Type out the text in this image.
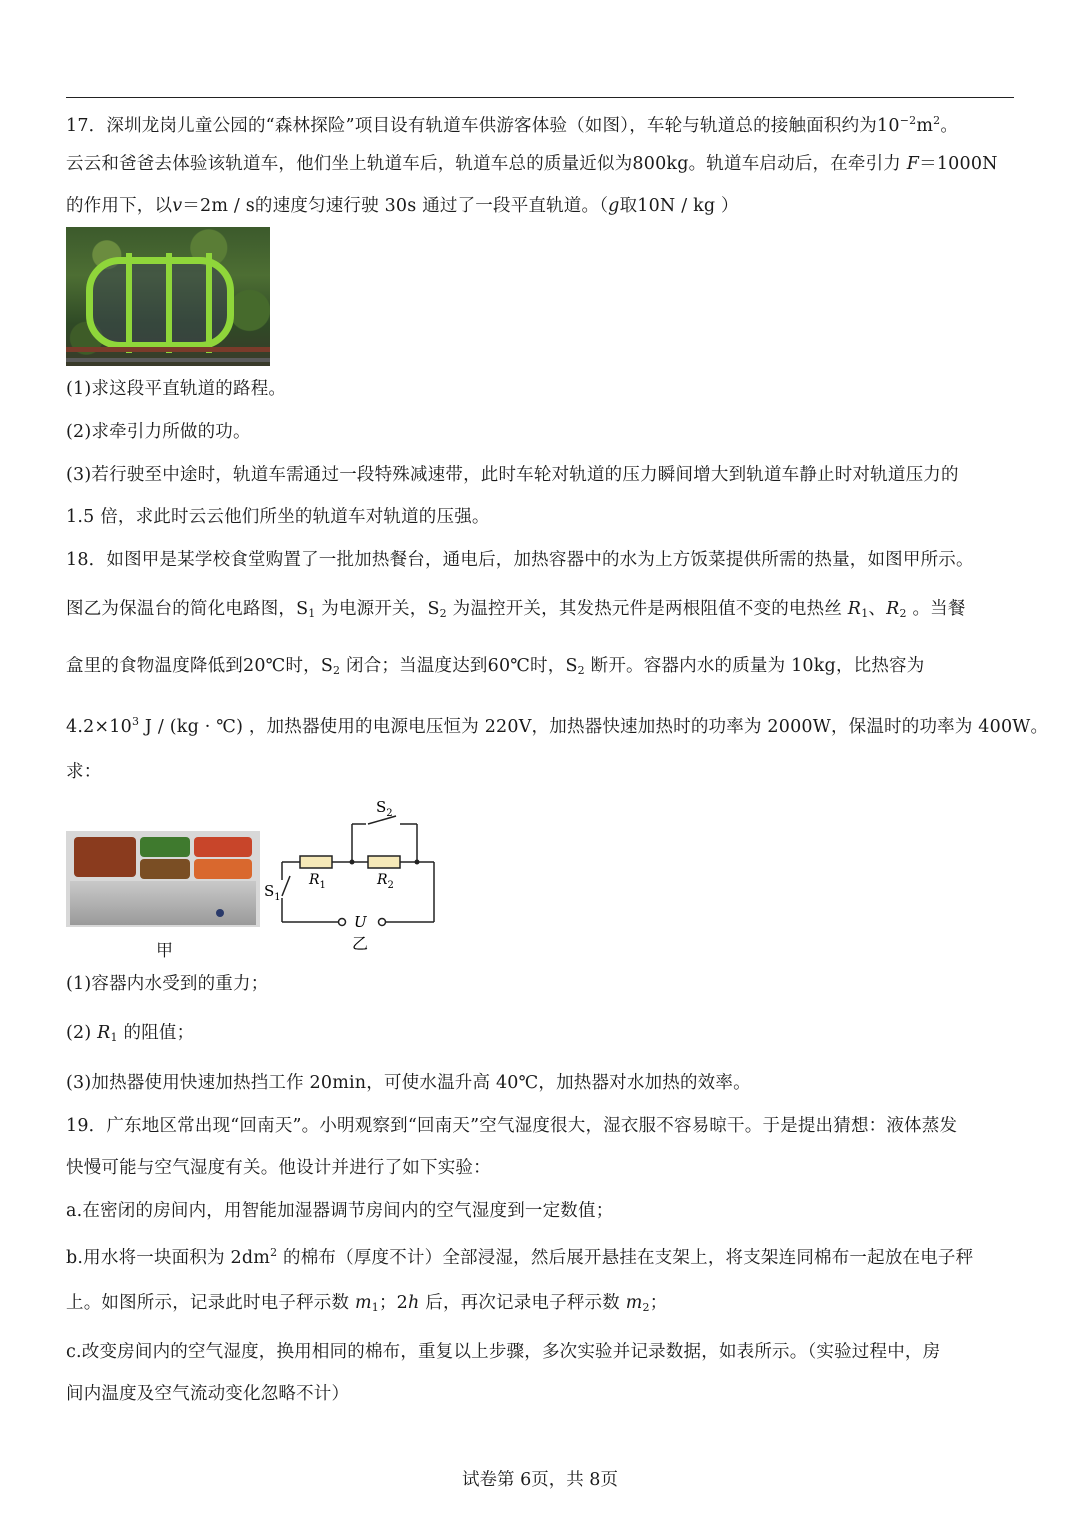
17．深圳龙岗儿童公园的“森林探险”项目设有轨道车供游客体验（如图），车轮与轨道总的接触面积约为$10^{-2}m^2$。
云云和爸爸去体验该轨道车，他们坐上轨道车后，轨道车总的质量近似为800kg。轨道车启动后，在牵引力 F＝1000N
的作用下，以v＝2m / s的速度匀速行驶 30s 通过了一段平直轨道。（g取10N / kg ）
(1)求这段平直轨道的路程。
(2)求牵引力所做的功。
(3)若行驶至中途时，轨道车需通过一段特殊减速带，此时车轮对轨道的压力瞬间增大到轨道车静止时对轨道压力的
1.5 倍，求此时云云他们所坐的轨道车对轨道的压强。
18．如图甲是某学校食堂购置了一批加热餐台，通电后，加热容器中的水为上方饭菜提供所需的热量，如图甲所示。
图乙为保温台的简化电路图，$S_1$ 为电源开关，$S_2$ 为温控开关，其发热元件是两根阻值不变的电热丝 $R_1$、$R_2$ 。当餐
盒里的食物温度降低到20℃时，$S_2$ 闭合；当温度达到60℃时，$S_2$ 断开。容器内水的质量为 10kg，比热容为
$4.2\times 10^3$ J / (kg · ℃) ，加热器使用的电源电压恒为 220V，加热器快速加热时的功率为 2000W，保温时的功率为 400W。
求：
甲
$S_2$
$S_1$
$R_1$	$R_2$
U
乙
(1)容器内水受到的重力；
(2) $R_1$ 的阻值；
(3)加热器使用快速加热挡工作 20min，可使水温升高 40℃，加热器对水加热的效率。
19．广东地区常出现“回南天”。小明观察到“回南天”空气湿度很大，湿衣服不容易晾干。于是提出猜想：液体蒸发
快慢可能与空气湿度有关。他设计并进行了如下实验：
a.在密闭的房间内，用智能加湿器调节房间内的空气湿度到一定数值；
b.用水将一块面积为 $2dm^2$ 的棉布（厚度不计）全部浸湿，然后展开悬挂在支架上，将支架连同棉布一起放在电子秤
上。如图所示，记录此时电子秤示数 $m_1$；2h 后，再次记录电子秤示数 $m_2$；
c.改变房间内的空气湿度，换用相同的棉布，重复以上步骤，多次实验并记录数据，如表所示。（实验过程中，房
间内温度及空气流动变化忽略不计）
试卷第 6页，共 8页
